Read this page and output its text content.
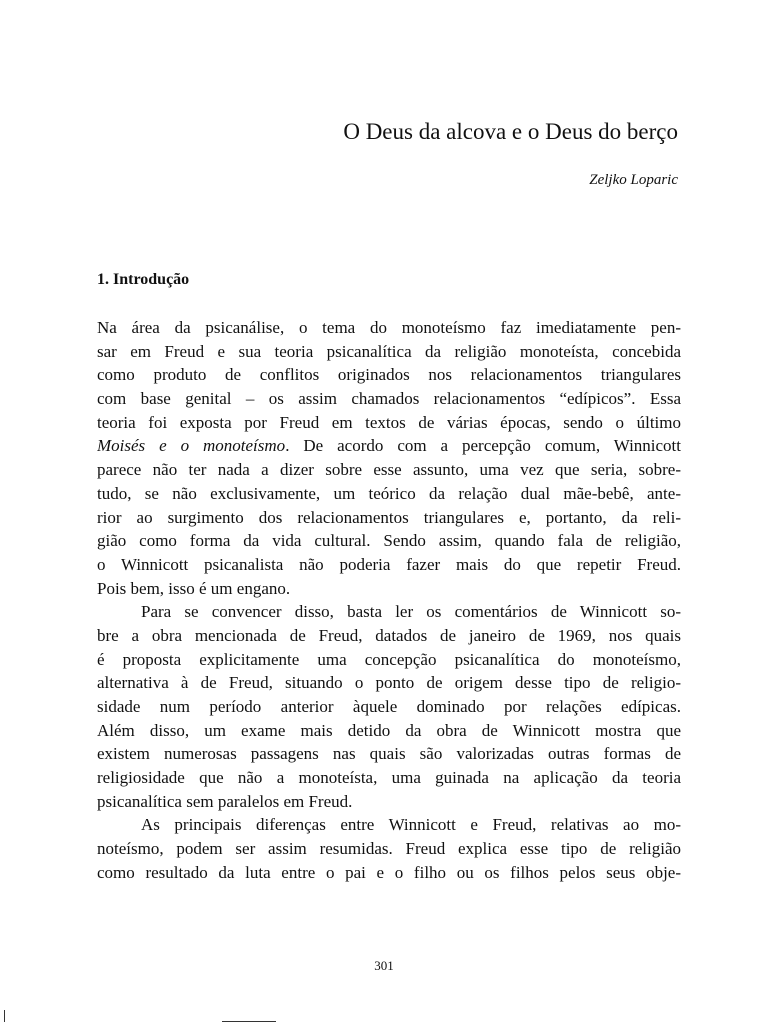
O Deus da alcova e o Deus do berço
Zeljko Loparic
1. Introdução
Na área da psicanálise, o tema do monoteísmo faz imediatamente pen-
sar em Freud e sua teoria psicanalítica da religião monoteísta, concebida
como produto de conflitos originados nos relacionamentos triangulares
com base genital – os assim chamados relacionamentos “edípicos”. Essa
teoria foi exposta por Freud em textos de várias épocas, sendo o último
Moisés e o monoteísmo. De acordo com a percepção comum, Winnicott
parece não ter nada a dizer sobre esse assunto, uma vez que seria, sobre-
tudo, se não exclusivamente, um teórico da relação dual mãe-bebê, ante-
rior ao surgimento dos relacionamentos triangulares e, portanto, da reli-
gião como forma da vida cultural. Sendo assim, quando fala de religião,
o Winnicott psicanalista não poderia fazer mais do que repetir Freud.
Pois bem, isso é um engano.
Para se convencer disso, basta ler os comentários de Winnicott so-
bre a obra mencionada de Freud, datados de janeiro de 1969, nos quais
é proposta explicitamente uma concepção psicanalítica do monoteísmo,
alternativa à de Freud, situando o ponto de origem desse tipo de religio-
sidade num período anterior àquele dominado por relações edípicas.
Além disso, um exame mais detido da obra de Winnicott mostra que
existem numerosas passagens nas quais são valorizadas outras formas de
religiosidade que não a monoteísta, uma guinada na aplicação da teoria
psicanalítica sem paralelos em Freud.
As principais diferenças entre Winnicott e Freud, relativas ao mo-
noteísmo, podem ser assim resumidas. Freud explica esse tipo de religião
como resultado da luta entre o pai e o filho ou os filhos pelos seus obje-
301
